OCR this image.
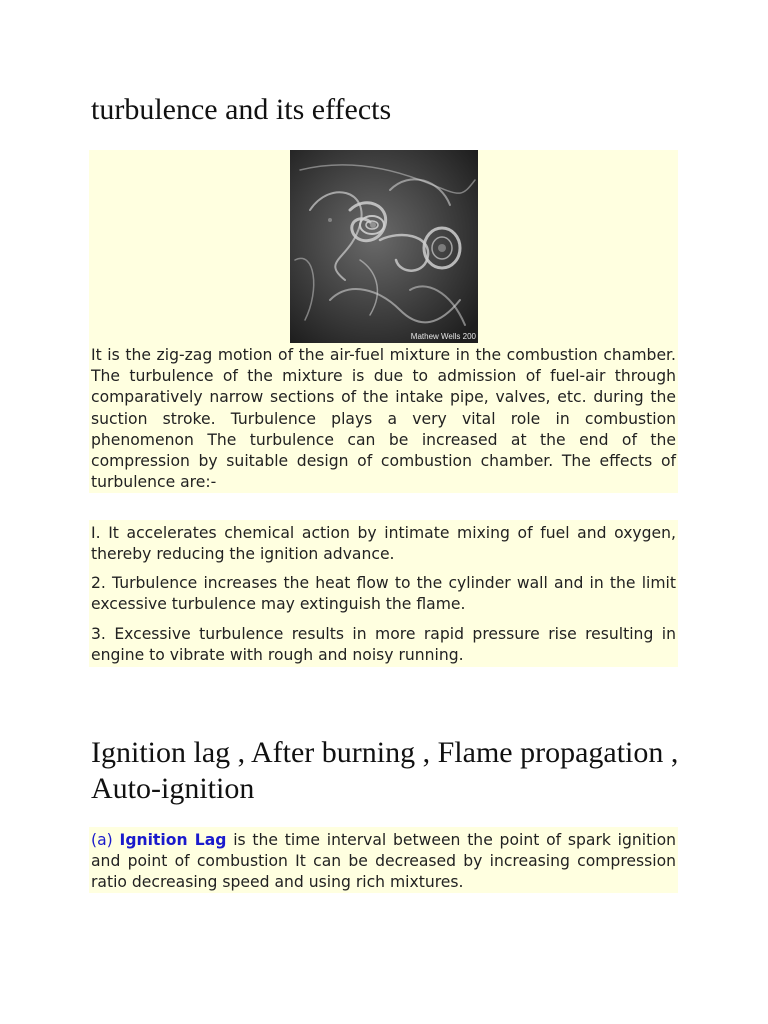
turbulence and its effects
Mathew Wells 200

It is the zig-zag motion of the air-fuel mixture in the combustion chamber. The turbulence of the mixture is due to admission of fuel-air through comparatively narrow sections of the intake pipe, valves, etc. during the suction stroke. Turbulence plays a very vital role in combustion phenomenon The turbulence can be increased at the end of the compression by suitable design of combustion chamber. The effects of turbulence are:-

I. It accelerates chemical action by intimate mixing of fuel and oxygen, thereby reducing the ignition advance.

2. Turbulence increases the heat flow to the cylinder wall and in the limit excessive turbulence may extinguish the flame.

3. Excessive turbulence results in more rapid pressure rise resulting in engine to vibrate with rough and noisy running.

Ignition lag , After burning , Flame propagation , Auto-ignition

(a) Ignition Lag is the time interval between the point of spark ignition and point of combustion It can be decreased by increasing compression ratio decreasing speed and using rich mixtures.
